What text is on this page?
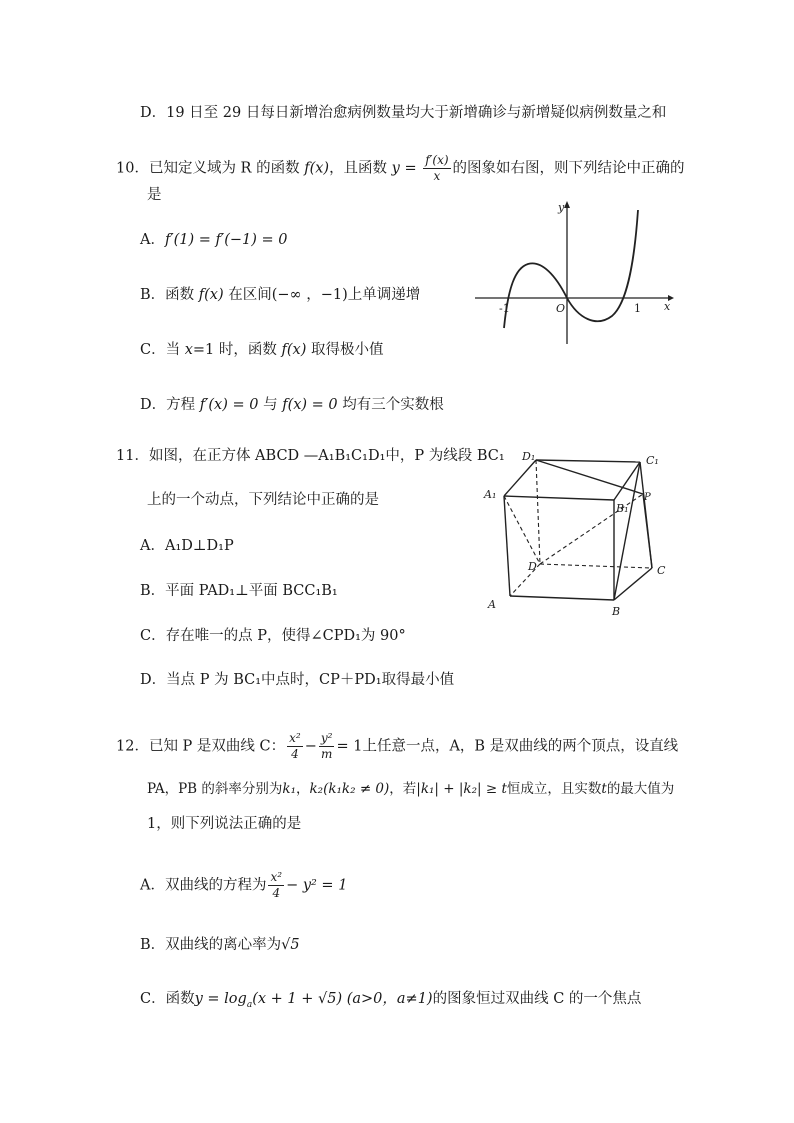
D．19 日至 29 日每日新增治愈病例数量均大于新增确诊与新增疑似病例数量之和
10．已知定义域为 R 的函数 f(x)，且函数 $y = \frac{f'(x)}{x}$ 的图象如右图，则下列结论中正确的
是
A．f′(1) = f′(−1) = 0
B．函数 f(x) 在区间(−∞ ，−1)上单调递增
C．当 x=1 时，函数 f(x) 取得极小值
D．方程 f′(x) = 0 与 f(x) = 0 均有三个实数根
y
x
O
-1	1
11．如图，在正方体 ABCD —A₁B₁C₁D₁中，P 为线段 BC₁
上的一个动点，下列结论中正确的是
A．A₁D⊥D₁P
B．平面 PAD₁⊥平面 BCC₁B₁
C．存在唯一的点 P，使得∠CPD₁为 90°
D．当点 P 为 BC₁中点时，CP＋PD₁取得最小值
A
B
C
D
A₁
B₁
C₁
D₁
P
12．已知 P 是双曲线 C： $\frac{\text{x²}}{4} - \frac{\text{y²}}{m} = 1$上任意一点，A，B 是双曲线的两个顶点，设直线
PA，PB 的斜率分别为k₁，k₂(k₁k₂ ≠ 0)，若|k₁| + |k₂| ≥ t恒成立，且实数t的最大值为
1，则下列说法正确的是
A．双曲线的方程为 $\frac{\text{x²}}{4} - y^2 = 1$
B．双曲线的离心率为√5
C．函数$y = \log_a(x + 1 + √5)$ (a>0，a≠1)的图象恒过双曲线 C 的一个焦点
